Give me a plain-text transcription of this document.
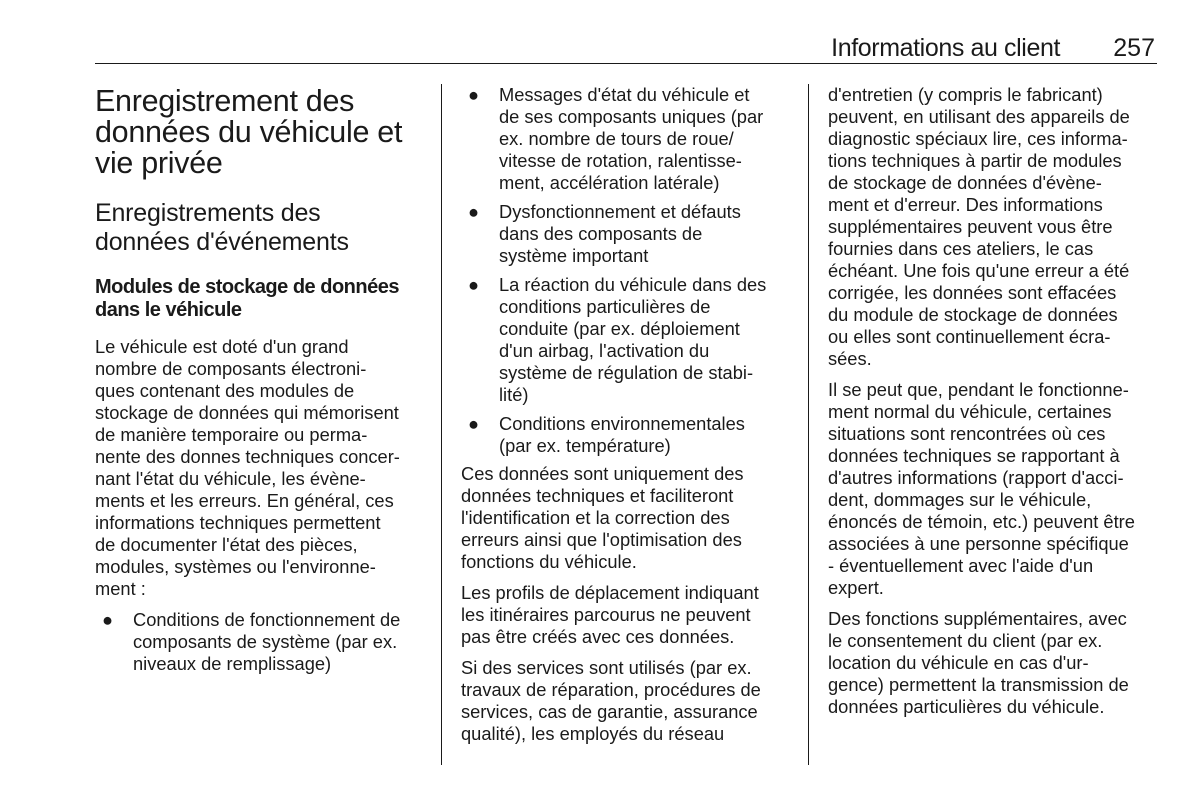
Informations au client 257
Enregistrement des
données du véhicule et
vie privée
Enregistrements des
données d'événements
Modules de stockage de données
dans le véhicule

Le véhicule est doté d'un grand
nombre de composants électroni-
ques contenant des modules de
stockage de données qui mémorisent
de manière temporaire ou perma-
nente des donnes techniques concer-
nant l'état du véhicule, les évène-
ments et les erreurs. En général, ces
informations techniques permettent
de documenter l'état des pièces,
modules, systèmes ou l'environne-
ment :

● Conditions de fonctionnement de
composants de système (par ex.
niveaux de remplissage)
● Messages d'état du véhicule et
de ses composants uniques (par
ex. nombre de tours de roue/
vitesse de rotation, ralentisse-
ment, accélération latérale)
● Dysfonctionnement et défauts
dans des composants de
système important
● La réaction du véhicule dans des
conditions particulières de
conduite (par ex. déploiement
d'un airbag, l'activation du
système de régulation de stabi-
lité)
● Conditions environnementales
(par ex. température)

Ces données sont uniquement des
données techniques et faciliteront
l'identification et la correction des
erreurs ainsi que l'optimisation des
fonctions du véhicule.

Les profils de déplacement indiquant
les itinéraires parcourus ne peuvent
pas être créés avec ces données.

Si des services sont utilisés (par ex.
travaux de réparation, procédures de
services, cas de garantie, assurance
qualité), les employés du réseau

d'entretien (y compris le fabricant)
peuvent, en utilisant des appareils de
diagnostic spéciaux lire, ces informa-
tions techniques à partir de modules
de stockage de données d'évène-
ment et d'erreur. Des informations
supplémentaires peuvent vous être
fournies dans ces ateliers, le cas
échéant. Une fois qu'une erreur a été
corrigée, les données sont effacées
du module de stockage de données
ou elles sont continuellement écra-
sées.

Il se peut que, pendant le fonctionne-
ment normal du véhicule, certaines
situations sont rencontrées où ces
données techniques se rapportant à
d'autres informations (rapport d'acci-
dent, dommages sur le véhicule,
énoncés de témoin, etc.) peuvent être
associées à une personne spécifique
- éventuellement avec l'aide d'un
expert.

Des fonctions supplémentaires, avec
le consentement du client (par ex.
location du véhicule en cas d'ur-
gence) permettent la transmission de
données particulières du véhicule.
